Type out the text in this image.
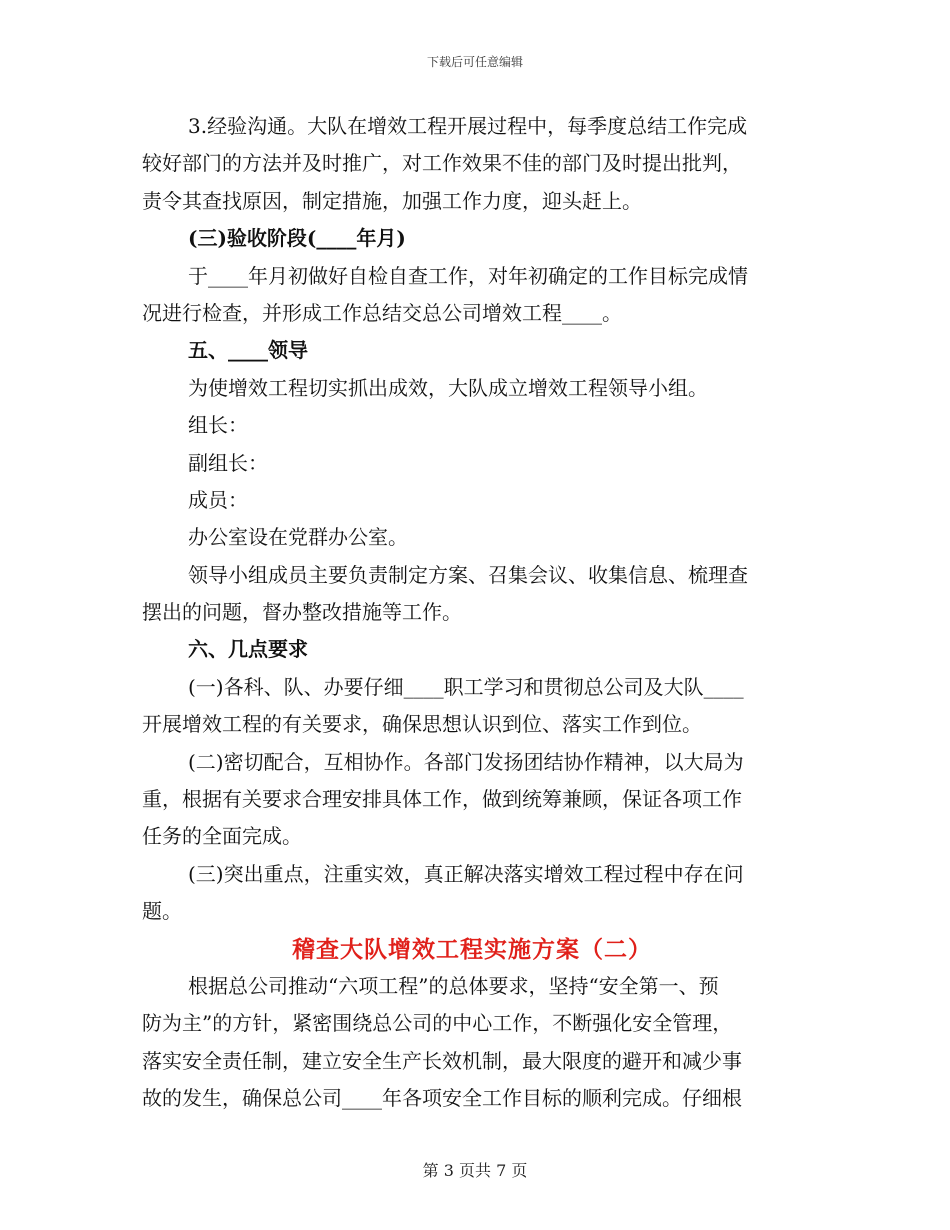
下载后可任意编辑
3.经验沟通。大队在增效工程开展过程中，每季度总结工作完成
较好部门的方法并及时推广，对工作效果不佳的部门及时提出批判，
责令其查找原因，制定措施，加强工作力度，迎头赶上。
(三)验收阶段(____年月)
于____年月初做好自检自查工作，对年初确定的工作目标完成情
况进行检查，并形成工作总结交总公司增效工程____。
五、____领导
为使增效工程切实抓出成效，大队成立增效工程领导小组。
组长：
副组长：
成员：
办公室设在党群办公室。
领导小组成员主要负责制定方案、召集会议、收集信息、梳理查
摆出的问题，督办整改措施等工作。
六、几点要求
(一)各科、队、办要仔细____职工学习和贯彻总公司及大队____
开展增效工程的有关要求，确保思想认识到位、落实工作到位。
(二)密切配合，互相协作。各部门发扬团结协作精神，以大局为
重，根据有关要求合理安排具体工作，做到统筹兼顾，保证各项工作
任务的全面完成。
(三)突出重点，注重实效，真正解决落实增效工程过程中存在问
题。
稽查大队增效工程实施方案（二）
根据总公司推动“六项工程”的总体要求，坚持“安全第一、预
防为主”的方针，紧密围绕总公司的中心工作，不断强化安全管理，
落实安全责任制，建立安全生产长效机制，最大限度的避开和减少事
故的发生，确保总公司____年各项安全工作目标的顺利完成。仔细根
第 3 页共 7 页
